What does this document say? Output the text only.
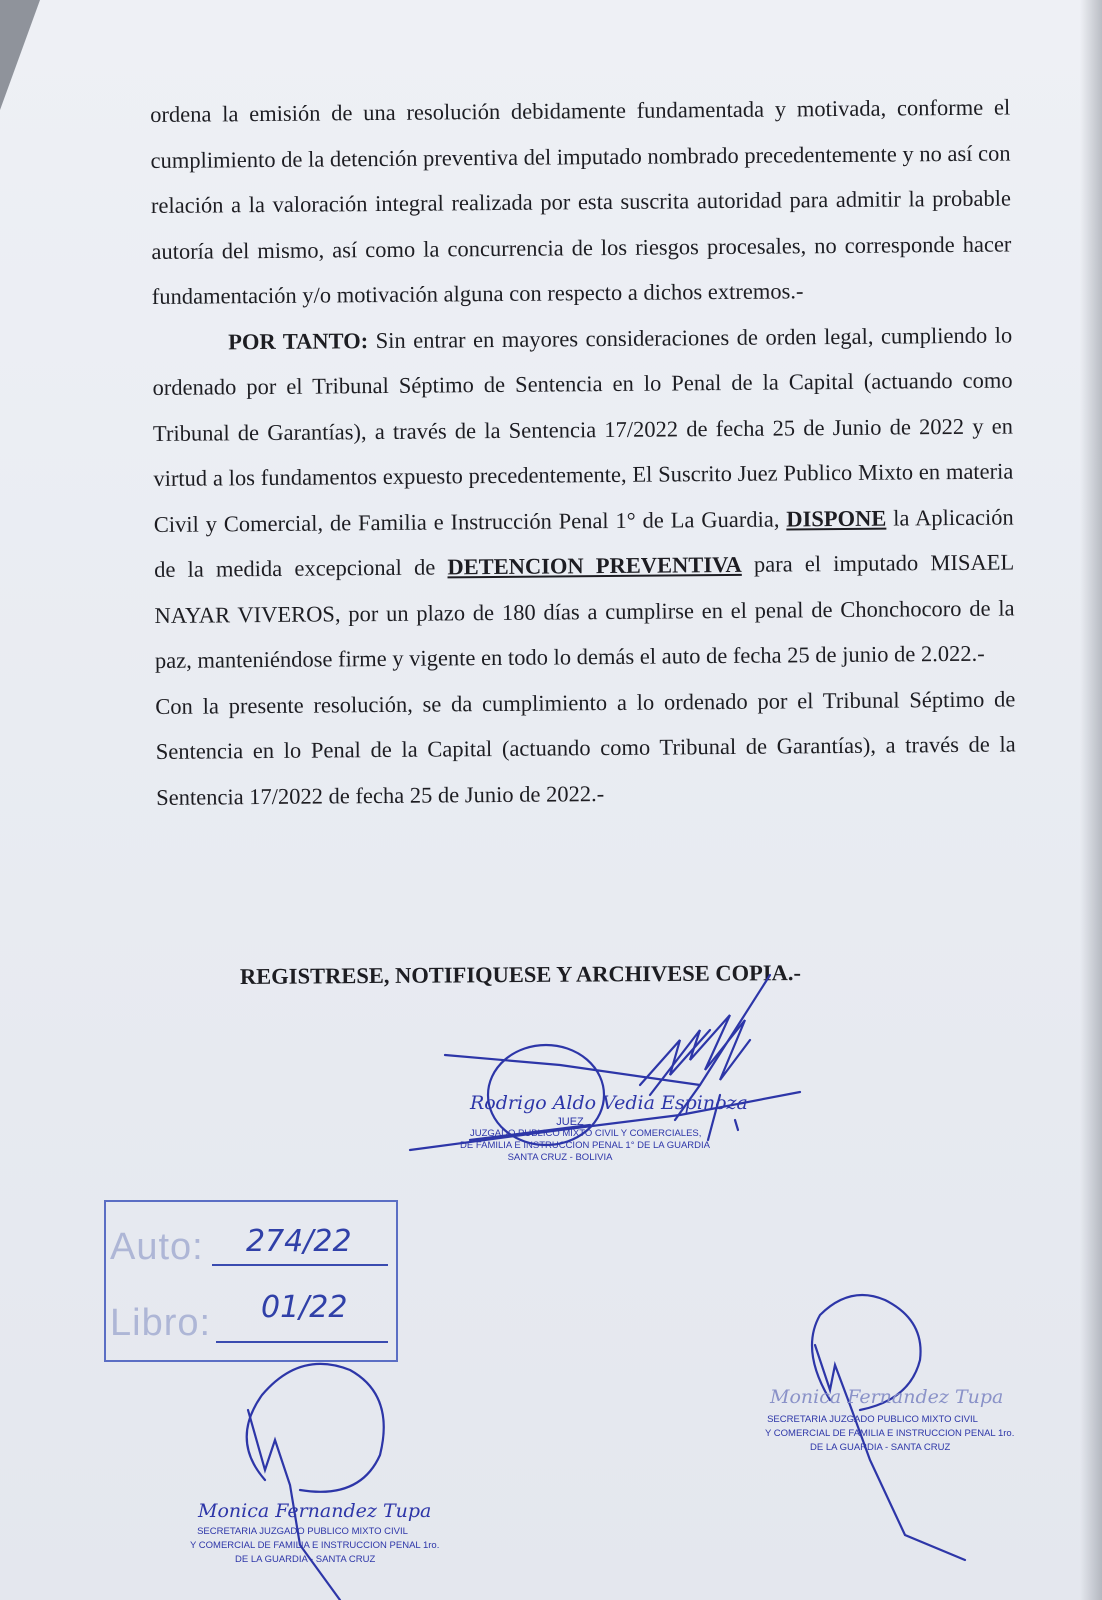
ordena la emisión de una resolución debidamente fundamentada y motivada, conforme el cumplimiento de la detención preventiva del imputado nombrado precedentemente y no así con relación a la valoración integral realizada por esta suscrita autoridad para admitir la probable autoría del mismo, así como la concurrencia de los riesgos procesales, no corresponde hacer fundamentación y/o motivación alguna con respecto a dichos extremos.-

POR TANTO: Sin entrar en mayores consideraciones de orden legal, cumpliendo lo ordenado por el Tribunal Séptimo de Sentencia en lo Penal de la Capital (actuando como Tribunal de Garantías), a través de la Sentencia 17/2022 de fecha 25 de Junio de 2022 y en virtud a los fundamentos expuesto precedentemente, El Suscrito Juez Publico Mixto en materia Civil y Comercial, de Familia e Instrucción Penal 1° de La Guardia, DISPONE la Aplicación de la medida excepcional de DETENCION PREVENTIVA para el imputado MISAEL NAYAR VIVEROS, por un plazo de 180 días a cumplirse en el penal de Chonchocoro de la paz, manteniéndose firme y vigente en todo lo demás el auto de fecha 25 de junio de 2.022.-

Con la presente resolución, se da cumplimiento a lo ordenado por el Tribunal Séptimo de Sentencia en lo Penal de la Capital (actuando como Tribunal de Garantías), a través de la Sentencia 17/2022 de fecha 25 de Junio de 2022.-

REGISTRESE, NOTIFIQUESE Y ARCHIVESE COPIA.-
Rodrigo Aldo Vedia Espinoza
JUEZ
JUZGADO PUBLICO MIXTO CIVIL Y COMERCIALES,
DE FAMILIA E INSTRUCCION PENAL 1° DE LA GUARDIA
SANTA CRUZ - BOLIVIA
Auto: 274/22
Libro: 01/22
Monica Fernandez Tupa
SECRETARIA JUZGADO PUBLICO MIXTO CIVIL
Y COMERCIAL DE FAMILIA E INSTRUCCION PENAL 1ro.
DE LA GUARDIA - SANTA CRUZ
Monica Fernandez Tupa
SECRETARIA JUZGADO PUBLICO MIXTO CIVIL
Y COMERCIAL DE FAMILIA E INSTRUCCION PENAL 1ro.
DE LA GUARDIA - SANTA CRUZ
